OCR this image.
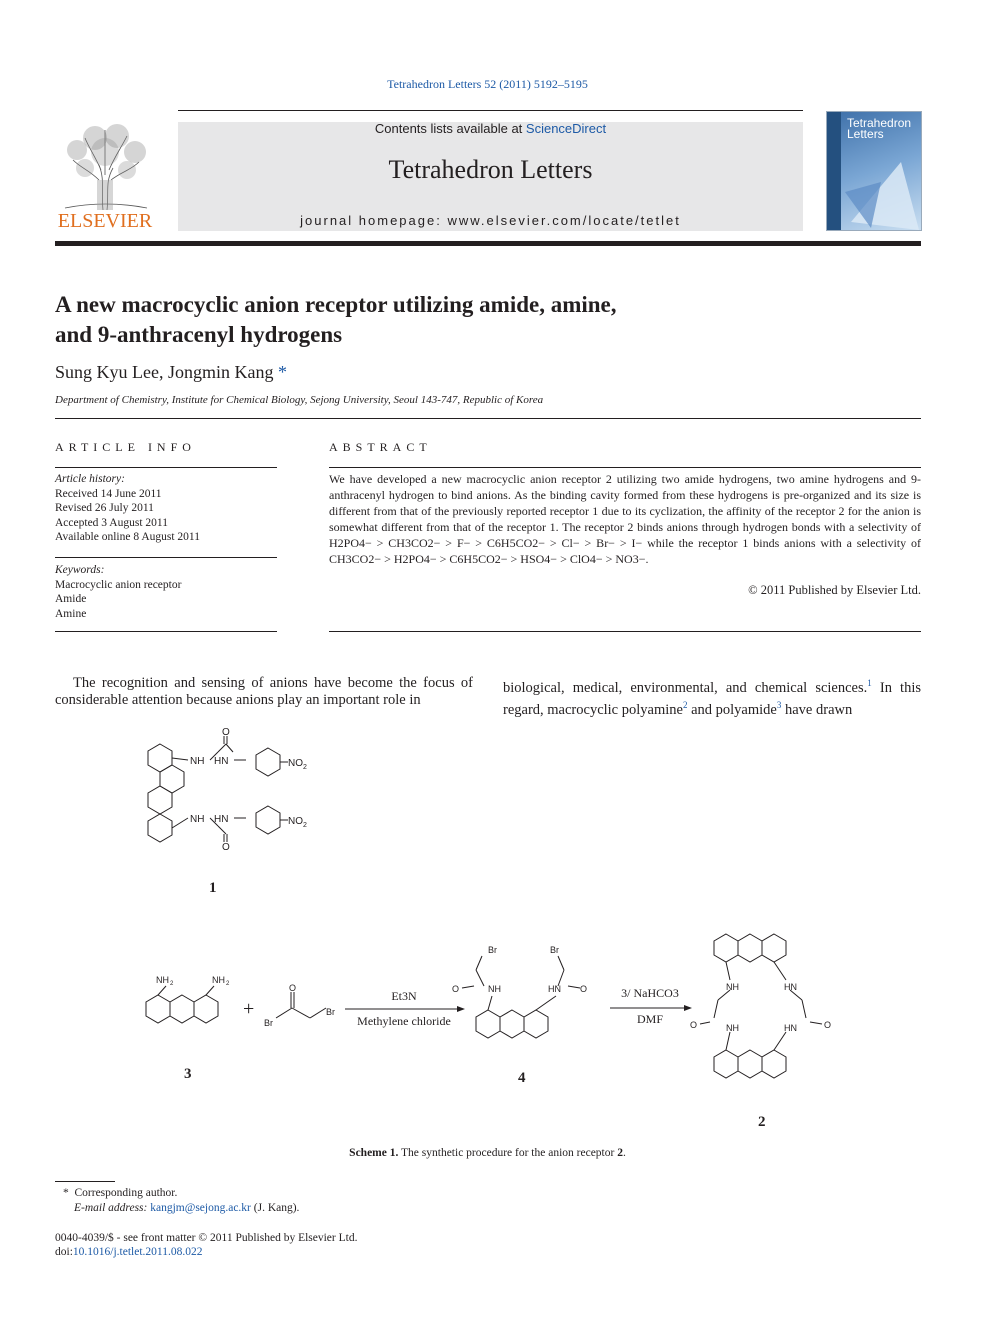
Tetrahedron Letters 52 (2011) 5192–5195
Contents lists available at ScienceDirect
Tetrahedron Letters
journal homepage: www.elsevier.com/locate/tetlet
ELSEVIER
Tetrahedron
Letters
A new macrocyclic anion receptor utilizing amide, amine,
and 9-anthracenyl hydrogens
Sung Kyu Lee, Jongmin Kang *
Department of Chemistry, Institute for Chemical Biology, Sejong University, Seoul 143-747, Republic of Korea
ARTICLE INFO
Article history:
Received 14 June 2011
Revised 26 July 2011
Accepted 3 August 2011
Available online 8 August 2011
Keywords:
Macrocyclic anion receptor
Amide
Amine
ABSTRACT
We have developed a new macrocyclic anion receptor 2 utilizing two amide hydrogens, two amine hydrogens and 9-anthracenyl hydrogen to bind anions. As the binding cavity formed from these hydrogens is pre-organized and its size is different from that of the previously reported receptor 1 due to its cyclization, the affinity of the receptor 2 for the anion is somewhat different from that of the receptor 1. The receptor 2 binds anions through hydrogen bonds with a selectivity of H2PO4− > CH3CO2− > F− > C6H5CO2− > Cl− > Br− > I− while the receptor 1 binds anions with a selectivity of CH3CO2− > H2PO4− > C6H5CO2− > HSO4− > ClO4− > NO3−.
© 2011 Published by Elsevier Ltd.
The recognition and sensing of anions have become the focus of considerable attention because anions play an important role in
biological, medical, environmental, and chemical sciences.$^1$ In this regard, macrocyclic polyamine$^2$ and polyamide$^3$ have drawn
NH HN
O
NO 2
NH HN
O
NO 2
1
NH 2	NH 2
3
+
O
Br
Br
Et3N
Methylene chloride
Br	Br
NH	HN
O	O
4
3/ NaHCO3
DMF
NH	HN
NH	HN
O	O
2
Scheme 1. The synthetic procedure for the anion receptor 2.
* Corresponding author.
E-mail address: kangjm@sejong.ac.kr (J. Kang).
0040-4039/$ - see front matter © 2011 Published by Elsevier Ltd.
doi:10.1016/j.tetlet.2011.08.022
